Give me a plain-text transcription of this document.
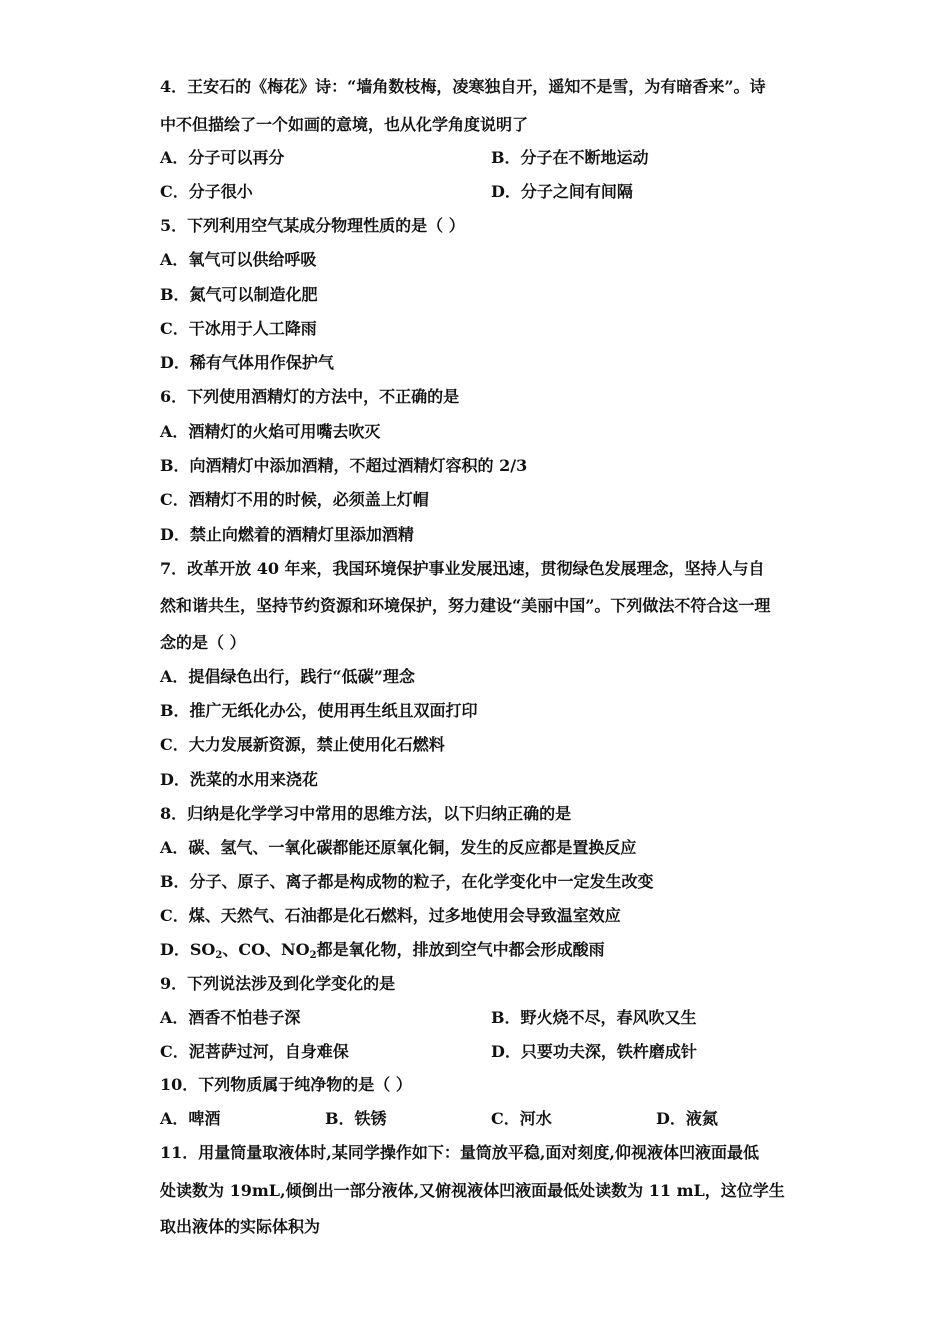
4．王安石的《梅花》诗：“墙角数枝梅，凌寒独自开，遥知不是雪，为有暗香来”。诗
中不但描绘了一个如画的意境，也从化学角度说明了
A．分子可以再分	B．分子在不断地运动
C．分子很小	D．分子之间有间隔
5．下列利用空气某成分物理性质的是（ ）
A．氧气可以供给呼吸
B．氮气可以制造化肥
C．干冰用于人工降雨
D．稀有气体用作保护气
6．下列使用酒精灯的方法中，不正确的是
A．酒精灯的火焰可用嘴去吹灭
B．向酒精灯中添加酒精，不超过酒精灯容积的 2/3
C．酒精灯不用的时候，必须盖上灯帽
D．禁止向燃着的酒精灯里添加酒精
7．改革开放 40 年来，我国环境保护事业发展迅速，贯彻绿色发展理念，坚持人与自
然和谐共生，坚持节约资源和环境保护，努力建设“美丽中国”。下列做法不符合这一理
念的是（ ）
A．提倡绿色出行，践行“低碳”理念
B．推广无纸化办公，使用再生纸且双面打印
C．大力发展新资源，禁止使用化石燃料
D．洗菜的水用来浇花
8．归纳是化学学习中常用的思维方法，以下归纳正确的是
A．碳、氢气、一氧化碳都能还原氧化铜，发生的反应都是置换反应
B．分子、原子、离子都是构成物的粒子，在化学变化中一定发生改变
C．煤、天然气、石油都是化石燃料，过多地使用会导致温室效应
D．$SO_2$、CO、$NO_2$都是氧化物，排放到空气中都会形成酸雨
9．下列说法涉及到化学变化的是
A．酒香不怕巷子深	B．野火烧不尽，春风吹又生
C．泥菩萨过河，自身难保	D．只要功夫深，铁杵磨成针
10．下列物质属于纯净物的是（ ）
A．啤酒	B．铁锈	C．河水	D．液氮
11．用量筒量取液体时,某同学操作如下：量筒放平稳,面对刻度,仰视液体凹液面最低
处读数为 19mL,倾倒出一部分液体,又俯视液体凹液面最低处读数为 11 mL，这位学生
取出液体的实际体积为
